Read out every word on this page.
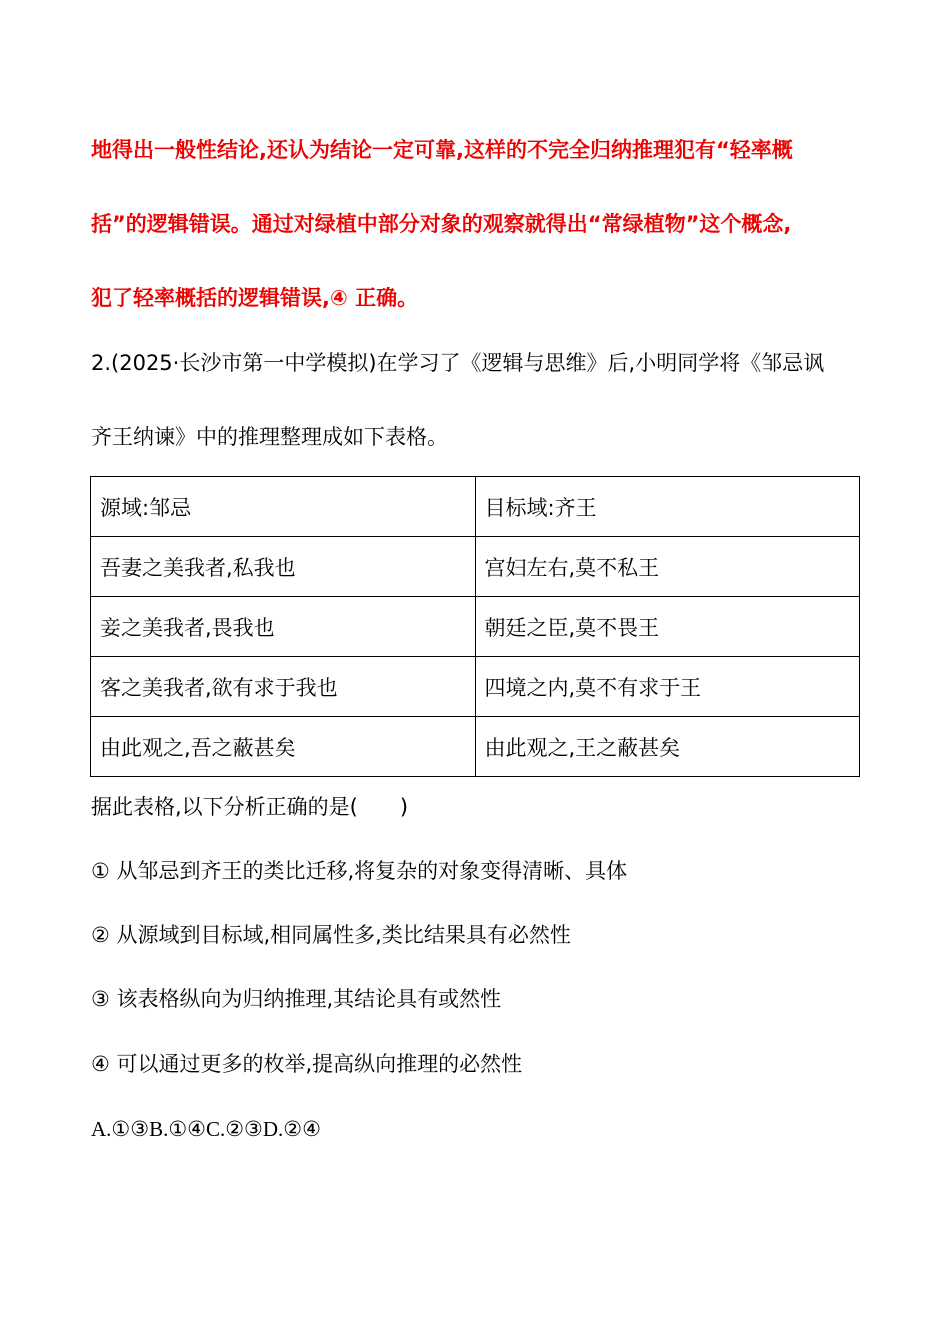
地得出一般性结论,还认为结论一定可靠,这样的不完全归纳推理犯有“轻率概
括”的逻辑错误。通过对绿植中部分对象的观察就得出“常绿植物”这个概念,
犯了轻率概括的逻辑错误,④ 正确。
2.(2025·长沙市第一中学模拟)在学习了《逻辑与思维》后,小明同学将《邹忌讽
齐王纳谏》中的推理整理成如下表格。
源域:邹忌	目标域:齐王
吾妻之美我者,私我也	宫妇左右,莫不私王
妾之美我者,畏我也	朝廷之臣,莫不畏王
客之美我者,欲有求于我也	四境之内,莫不有求于王
由此观之,吾之蔽甚矣	由此观之,王之蔽甚矣
据此表格,以下分析正确的是(　　)
① 从邹忌到齐王的类比迁移,将复杂的对象变得清晰、具体
② 从源域到目标域,相同属性多,类比结果具有必然性
③ 该表格纵向为归纳推理,其结论具有或然性
④ 可以通过更多的枚举,提高纵向推理的必然性
A.①③B.①④C.②③D.②④
